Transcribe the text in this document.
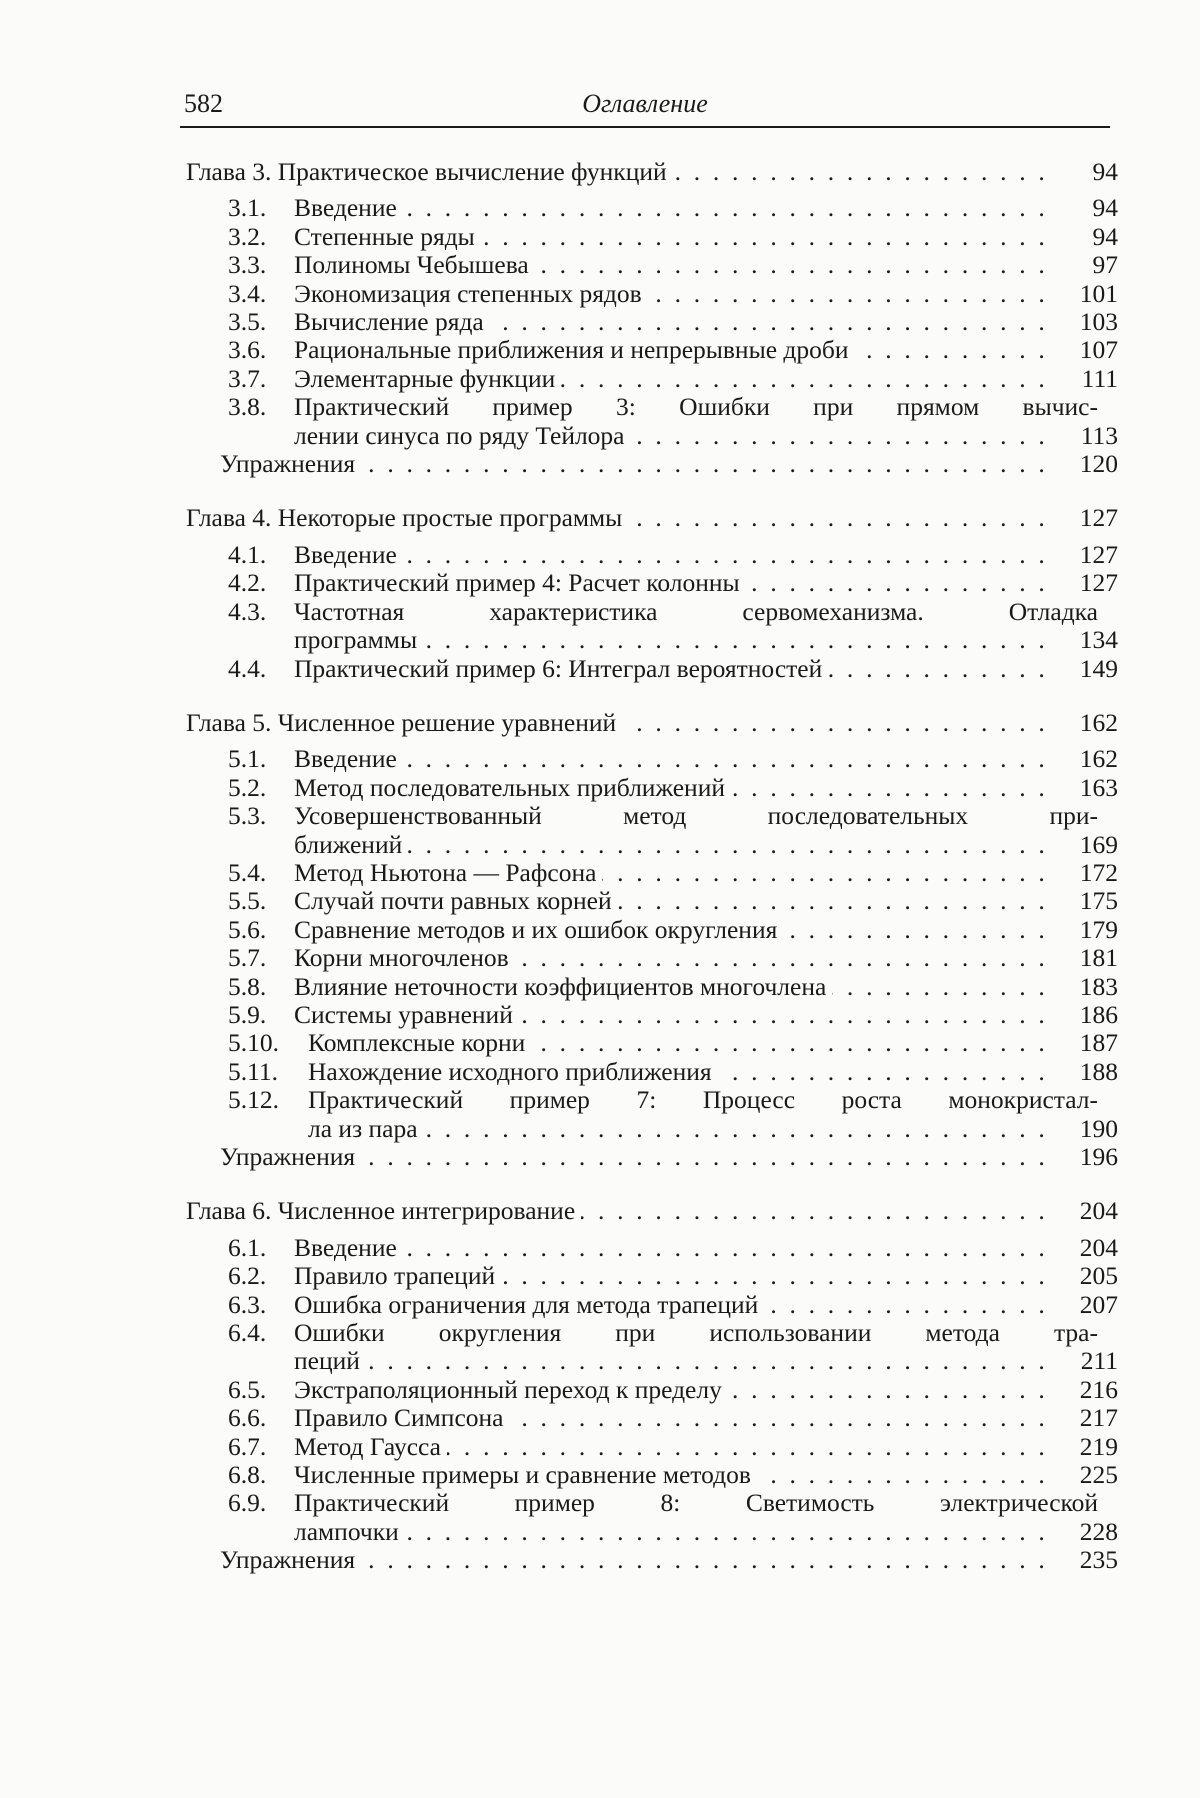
582	Оглавление
Глава 3. Практическое вычисление функций . . .	94
3.1. Введение . . .	94
3.2. Степенные ряды . . .	94
3.3. Полиномы Чебышева . . .	97
3.4. Экономизация степенных рядов . . .	101
3.5. Вычисление ряда . . .	103
3.6. Рациональные приближения и непрерывные дроби . . .	107
3.7. Элементарные функции . . .	111
3.8. Практический пример 3: Ошибки при прямом вычис-
лении синуса по ряду Тейлора . . .	113
Упражнения . . .	120
Глава 4. Некоторые простые программы . . .	127
4.1. Введение . . .	127
4.2. Практический пример 4: Расчет колонны . . .	127
4.3. Частотная характеристика сервомеханизма. Отладка
программы . . .	134
4.4. Практический пример 6: Интеграл вероятностей . . .	149
Глава 5. Численное решение уравнений . . .	162
5.1. Введение . . .	162
5.2. Метод последовательных приближений . . .	163
5.3. Усовершенствованный метод последовательных при-
ближений . . .	169
5.4. Метод Ньютона — Рафсона . . .	172
5.5. Случай почти равных корней . . .	175
5.6. Сравнение методов и их ошибок округления . . .	179
5.7. Корни многочленов . . .	181
5.8. Влияние неточности коэффициентов многочлена . . .	183
5.9. Системы уравнений . . .	186
5.10. Комплексные корни . . .	187
5.11. Нахождение исходного приближения . . .	188
5.12. Практический пример 7: Процесс роста монокристал-
ла из пара . . .	190
Упражнения . . .	196
Глава 6. Численное интегрирование . . .	204
6.1. Введение . . .	204
6.2. Правило трапеций . . .	205
6.3. Ошибка ограничения для метода трапеций . . .	207
6.4. Ошибки округления при использовании метода тра-
пеций . . .	211
6.5. Экстраполяционный переход к пределу . . .	216
6.6. Правило Симпсона . . .	217
6.7. Метод Гаусса . . .	219
6.8. Численные примеры и сравнение методов . . .	225
6.9. Практический пример 8: Светимость электрической
лампочки . . .	228
Упражнения . . .	235
